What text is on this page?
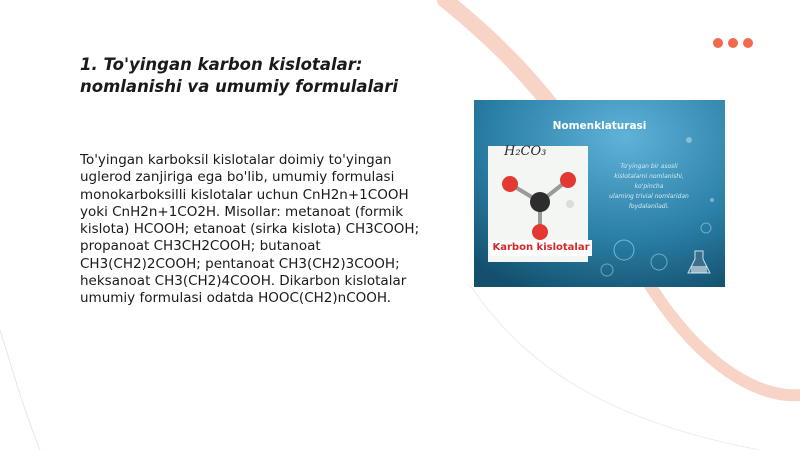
1. To'yingan karbon kislotalar:
nomlanishi va umumiy formulalari

To'yingan karboksil kislotalar doimiy to'yingan uglerod zanjiriga ega bo'lib, umumiy formulasi monokarboksilli kislotalar uchun CnH2n+1COOH yoki CnH2n+1CO2H. Misollar: metanoat (formik kislota) HCOOH; etanoat (sirka kislota) CH3COOH; propanoat CH3CH2COOH; butanoat CH3(CH2)2COOH; pentanoat CH3(CH2)3COOH; heksanoat CH3(CH2)4COOH. Dikarbon kislotalar umumiy formulasi odatda HOOC(CH2)nCOOH.

Nomenklaturasi
H₂CO₃
Karbon kislotalar
To'yingan bir asosli
kislotalarni nomlanishi,
ko'pincha
ularning trivial nomlaridan
foydalaniladi.
